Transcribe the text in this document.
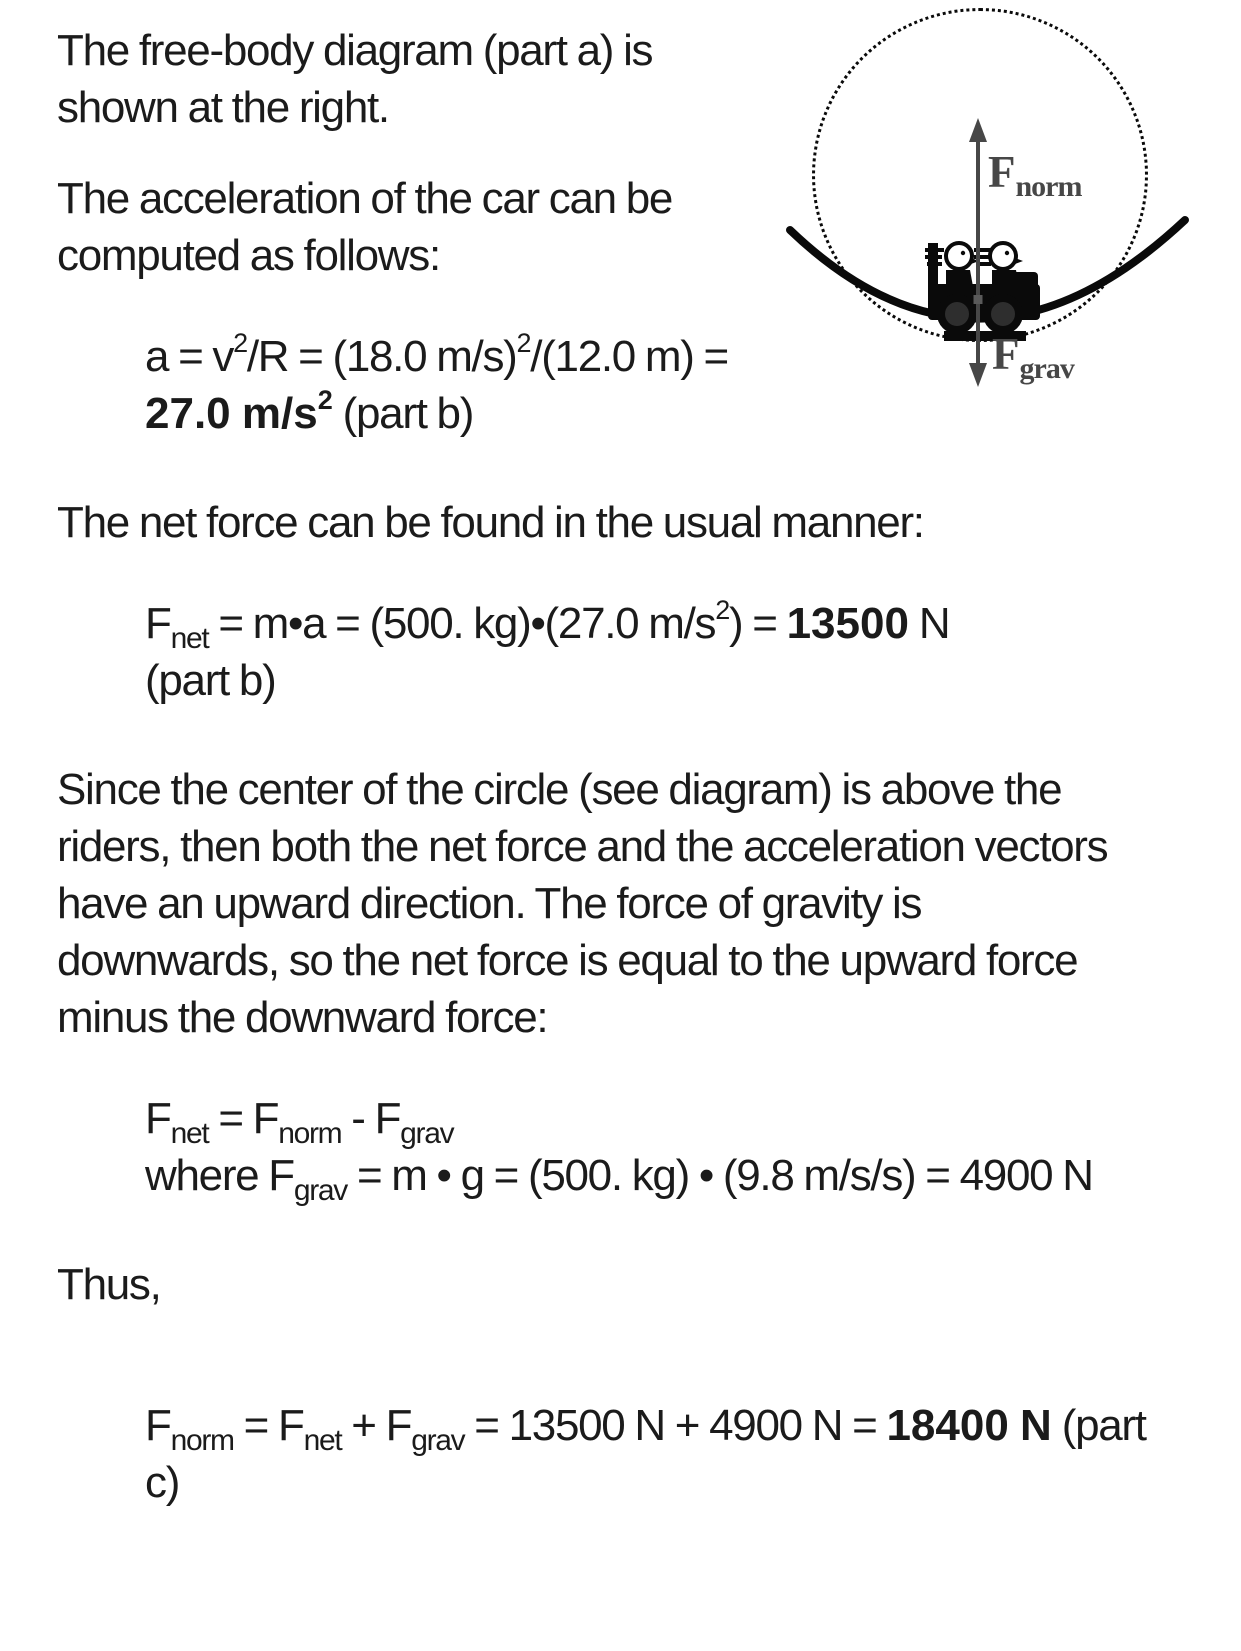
$F_{norm}$
$F_{grav}$

The free-body diagram (part a) is shown at the right.

The acceleration of the car can be computed as follows:

$a = v^2/R = (18.0$ m/s)$^2$/(12.0 m) = 27.0 $m/s^2$ (part b)

The net force can be found in the usual manner:

$F_{net}$ = m•a = (500. kg)•(27.0 $m/s^2) = 13500$ N (part b)

Since the center of the circle (see diagram) is above the riders, then both the net force and the acceleration vectors have an upward direction. The force of gravity is downwards, so the net force is equal to the upward force minus the downward force:

$F_{net} = F_{norm} - F_{grav}$
where $F_{grav} = m$ • g = (500. kg) • (9.8 m/s/s) = 4900 N

Thus,

$F_{norm} = F_{net} + F_{grav} = 13500$ N + 4900 N = 18400 N (part c)
